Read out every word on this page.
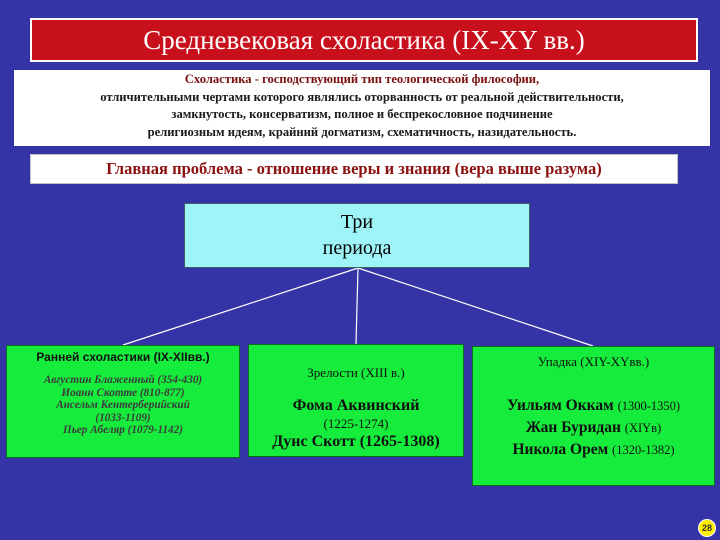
Средневековая схоластика (IX-XY вв.)
Схоластика - господствующий тип теологической философии,
отличительными чертами которого являлись оторванность от реальной действительности,
замкнутость, консерватизм, полное и беспрекословное подчинение
религиозным идеям, крайний догматизм, схематичность, назидательность.
Главная проблема - отношение веры и знания (вера выше разума)
Три
периода
Ранней схоластики (IX-XIIвв.)
Августин Блаженный (354-430)
Иоанн Скотте (810-877)
Ансельм Кентерберийский
(1033-1109)
Пьер Абеляр (1079-1142)
Зрелости (XIII в.)
Фома Аквинский
(1225-1274)
Дунс Скотт (1265-1308)
Упадка (XIY-XYвв.)
Уильям Оккам (1300-1350)
Жан Буридан (XIYв)
Никола Орем (1320-1382)
28
